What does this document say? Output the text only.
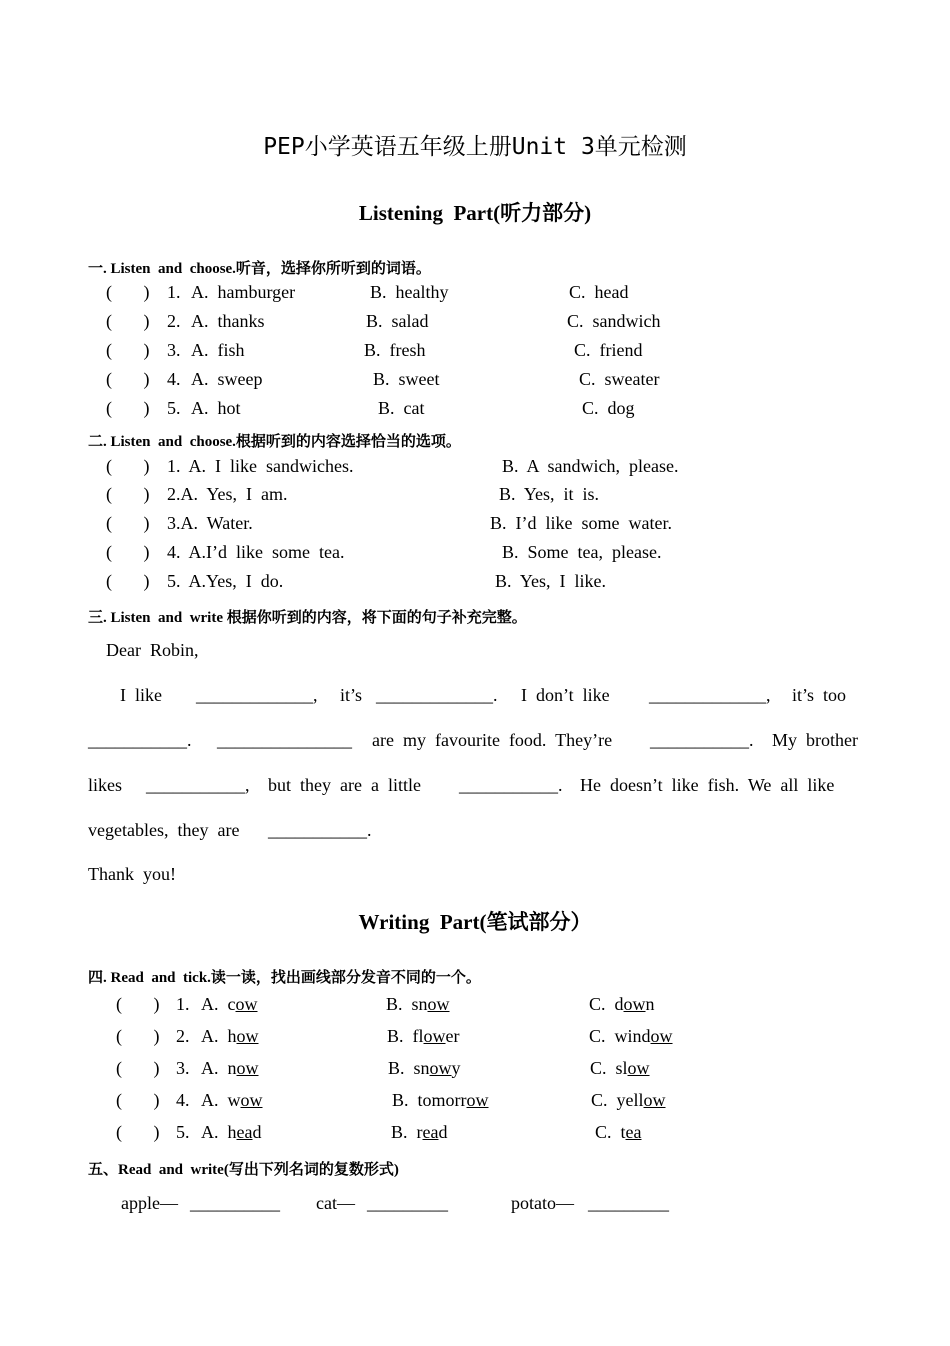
PEP小学英语五年级上册Unit 3单元检测
Listening  Part(听力部分)
一. Listen  and  choose.听音，选择你所听到的词语。
(       ) 1. A.  hamburger	B.  healthy	C.  head
(       ) 2. A.  thanks	B.  salad	C.  sandwich
(       ) 3. A.  fish	B.  fresh	C.  friend
(       ) 4. A.  sweep	B.  sweet	C.  sweater
(       ) 5. A.  hot	B.  cat	C.  dog
二. Listen  and  choose.根据听到的内容选择恰当的选项。
(       ) 1.  A.  I  like  sandwiches.	B.  A  sandwich,  please.
(       ) 2.A.  Yes,  I  am.	B.  Yes,  it  is.
(       ) 3.A.  Water.	B.  I’d  like  some  water.
(       ) 4.  A.I’d  like  some  tea.	B.  Some  tea,  please.
(       ) 5.  A.Yes,  I  do.	B.  Yes,  I  like.
三. Listen  and  write 根据你听到的内容，将下面的句子补充完整。
Dear  Robin,
I  like _____________, it’s _____________. I  don’t  like _____________, it’s  too
___________. _______________ are  my  favourite  food.  They’re ___________. My  brother
likes ___________, but  they  are  a  little ___________. He  doesn’t  like  fish.  We  all  like
vegetables,  they  are ___________.
Thank  you!
Writing  Part(笔试部分）
四. Read  and  tick.读一读，找出画线部分发音不同的一个。
(       ) 1. A.  cow	B.  snow	C.  down
(       ) 2. A.  how	B.  flower	C.  window
(       ) 3. A.  now	B.  snowy	C.  slow
(       ) 4. A.  wow	B.  tomorrow	C.  yellow
(       ) 5. A.  head	B.  read	C.  tea
五、Read  and  write(写出下列名词的复数形式)
apple— __________ cat— _________	potato— _________
